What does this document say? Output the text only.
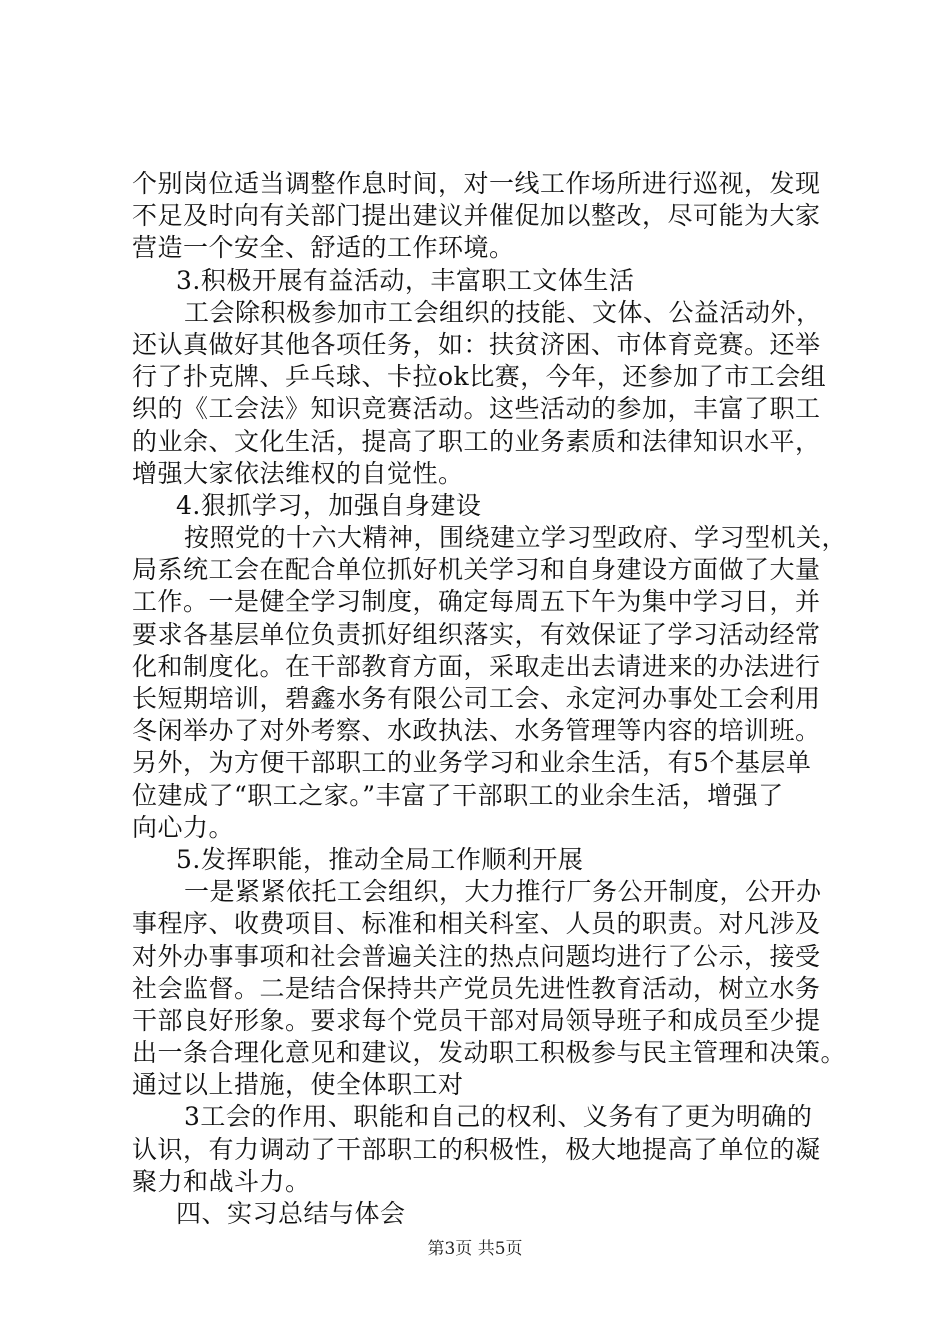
个别岗位适当调整作息时间，对一线工作场所进行巡视，发现
不足及时向有关部门提出建议并催促加以整改，尽可能为大家
营造一个安全、舒适的工作环境。
3.积极开展有益活动，丰富职工文体生活
工会除积极参加市工会组织的技能、文体、公益活动外，
还认真做好其他各项任务，如：扶贫济困、市体育竞赛。还举
行了扑克牌、乒乓球、卡拉ok比赛，今年，还参加了市工会组
织的《工会法》知识竞赛活动。这些活动的参加，丰富了职工
的业余、文化生活，提高了职工的业务素质和法律知识水平，
增强大家依法维权的自觉性。
4.狠抓学习，加强自身建设
按照党的十六大精神，围绕建立学习型政府、学习型机关，
局系统工会在配合单位抓好机关学习和自身建设方面做了大量
工作。一是健全学习制度，确定每周五下午为集中学习日，并
要求各基层单位负责抓好组织落实，有效保证了学习活动经常
化和制度化。在干部教育方面，采取走出去请进来的办法进行
长短期培训，碧鑫水务有限公司工会、永定河办事处工会利用
冬闲举办了对外考察、水政执法、水务管理等内容的培训班。
另外，为方便干部职工的业务学习和业余生活，有5个基层单
位建成了“职工之家。”丰富了干部职工的业余生活，增强了
向心力。
5.发挥职能，推动全局工作顺利开展
一是紧紧依托工会组织，大力推行厂务公开制度，公开办
事程序、收费项目、标准和相关科室、人员的职责。对凡涉及
对外办事事项和社会普遍关注的热点问题均进行了公示，接受
社会监督。二是结合保持共产党员先进性教育活动，树立水务
干部良好形象。要求每个党员干部对局领导班子和成员至少提
出一条合理化意见和建议，发动职工积极参与民主管理和决策。
通过以上措施，使全体职工对
3工会的作用、职能和自己的权利、义务有了更为明确的
认识，有力调动了干部职工的积极性，极大地提高了单位的凝
聚力和战斗力。
四、实习总结与体会
第3页 共5页
